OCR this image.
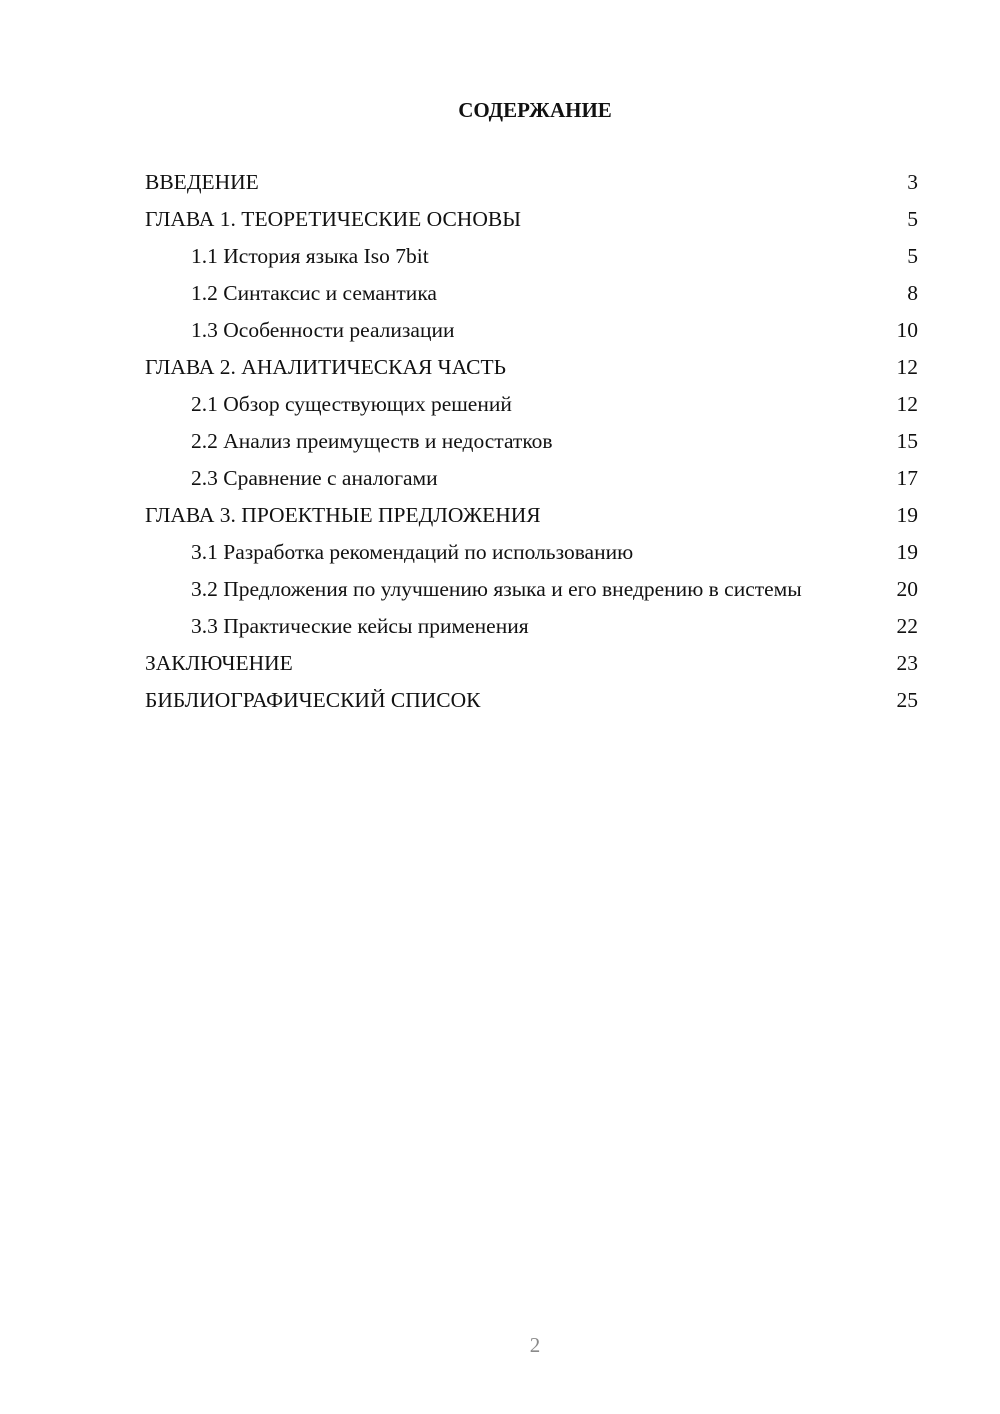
СОДЕРЖАНИЕ
ВВЕДЕНИЕ	3
ГЛАВА 1. ТЕОРЕТИЧЕСКИЕ ОСНОВЫ	5
1.1 История языка Iso 7bit	5
1.2 Синтаксис и семантика	8
1.3 Особенности реализации	10
ГЛАВА 2. АНАЛИТИЧЕСКАЯ ЧАСТЬ	12
2.1 Обзор существующих решений	12
2.2 Анализ преимуществ и недостатков	15
2.3 Сравнение с аналогами	17
ГЛАВА 3. ПРОЕКТНЫЕ ПРЕДЛОЖЕНИЯ	19
3.1 Разработка рекомендаций по использованию	19
3.2 Предложения по улучшению языка и его внедрению в системы	20
3.3 Практические кейсы применения	22
ЗАКЛЮЧЕНИЕ	23
БИБЛИОГРАФИЧЕСКИЙ СПИСОК	25
2
